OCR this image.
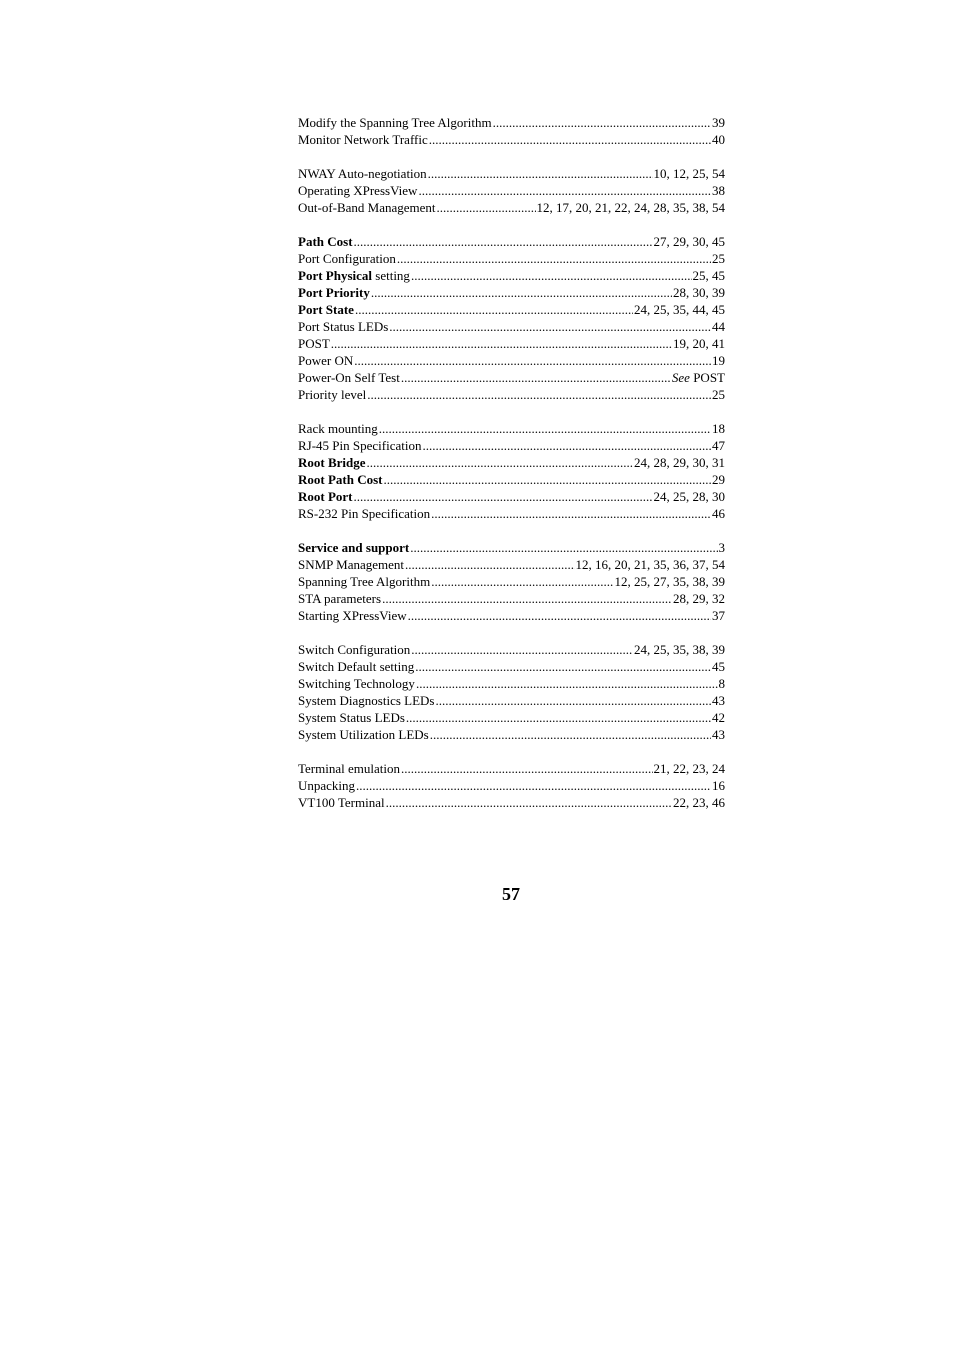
Modify the Spanning Tree Algorithm .....	39
Monitor Network Traffic .....	40
NWAY Auto-negotiation .....	10, 12, 25, 54
Operating XPressView .....	38
Out-of-Band Management .....	12, 17, 20, 21, 22, 24, 28, 35, 38, 54
Path Cost .....	27, 29, 30, 45
Port Configuration .....	25
Port Physical setting .....	25, 45
Port Priority .....	28, 30, 39
Port State .....	24, 25, 35, 44, 45
Port Status LEDs .....	44
POST .....	19, 20, 41
Power ON .....	19
Power-On Self Test .....	See POST
Priority level .....	25
Rack mounting .....	18
RJ-45 Pin Specification .....	47
Root Bridge .....	24, 28, 29, 30, 31
Root Path Cost .....	29
Root Port .....	24, 25, 28, 30
RS-232 Pin Specification .....	46
Service and support .....	3
SNMP Management .....	12, 16, 20, 21, 35, 36, 37, 54
Spanning Tree Algorithm .....	12, 25, 27, 35, 38, 39
STA parameters .....	28, 29, 32
Starting XPressView .....	37
Switch Configuration .....	24, 25, 35, 38, 39
Switch Default setting .....	45
Switching Technology .....	8
System Diagnostics LEDs .....	43
System Status LEDs .....	42
System Utilization LEDs .....	43
Terminal emulation .....	21, 22, 23, 24
Unpacking .....	16
VT100 Terminal .....	22, 23, 46
57
